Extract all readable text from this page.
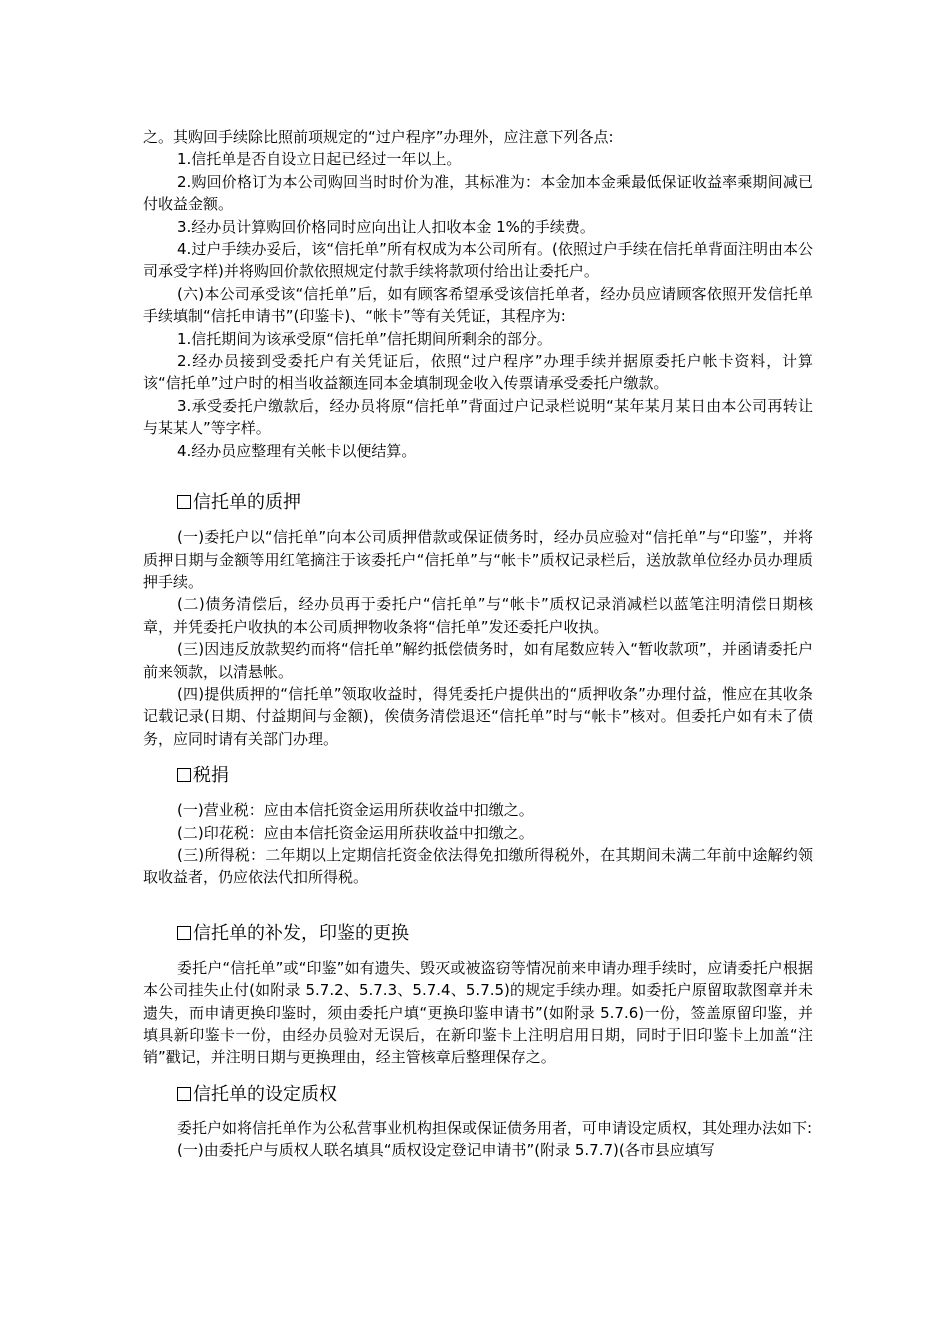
之。其购回手续除比照前项规定的“过户程序”办理外，应注意下列各点:

1.信托单是否自设立日起已经过一年以上。

2.购回价格订为本公司购回当时时价为准，其标准为：本金加本金乘最低保证收益率乘期间减已付收益金额。

3.经办员计算购回价格同时应向出让人扣收本金 1%的手续费。

4.过户手续办妥后，该“信托单”所有权成为本公司所有。(依照过户手续在信托单背面注明由本公司承受字样)并将购回价款依照规定付款手续将款项付给出让委托户。

(六)本公司承受该“信托单”后，如有顾客希望承受该信托单者，经办员应请顾客依照开发信托单手续填制“信托申请书”(印鉴卡)、“帐卡”等有关凭证，其程序为:

1.信托期间为该承受原“信托单”信托期间所剩余的部分。

2.经办员接到受委托户有关凭证后，依照“过户程序”办理手续并据原委托户帐卡资料，计算该“信托单”过户时的相当收益额连同本金填制现金收入传票请承受委托户缴款。

3.承受委托户缴款后，经办员将原“信托单”背面过户记录栏说明“某年某月某日由本公司再转让与某某人”等字样。

4.经办员应整理有关帐卡以便结算。

信托单的质押

(一)委托户以“信托单”向本公司质押借款或保证债务时，经办员应验对“信托单”与“印鉴”，并将质押日期与金额等用红笔摘注于该委托户“信托单”与“帐卡”质权记录栏后，送放款单位经办员办理质押手续。

(二)债务清偿后，经办员再于委托户“信托单”与“帐卡”质权记录消减栏以蓝笔注明清偿日期核章，并凭委托户收执的本公司质押物收条将“信托单”发还委托户收执。

(三)因违反放款契约而将“信托单”解约抵偿债务时，如有尾数应转入“暂收款项”，并函请委托户前来领款，以清悬帐。

(四)提供质押的“信托单”领取收益时，得凭委托户提供出的“质押收条”办理付益，惟应在其收条记载记录(日期、付益期间与金额)，俟债务清偿退还“信托单”时与“帐卡”核对。但委托户如有未了债务，应同时请有关部门办理。

税捐

(一)营业税：应由本信托资金运用所获收益中扣缴之。

(二)印花税：应由本信托资金运用所获收益中扣缴之。

(三)所得税：二年期以上定期信托资金依法得免扣缴所得税外，在其期间未满二年前中途解约领取收益者，仍应依法代扣所得税。

信托单的补发，印鉴的更换

委托户“信托单”或“印鉴”如有遗失、毁灭或被盗窃等情况前来申请办理手续时，应请委托户根据本公司挂失止付(如附录 5.7.2、5.7.3、5.7.4、5.7.5)的规定手续办理。如委托户原留取款图章并未遗失，而申请更换印鉴时，须由委托户填“更换印鉴申请书”(如附录 5.7.6)一份，签盖原留印鉴，并填具新印鉴卡一份，由经办员验对无误后，在新印鉴卡上注明启用日期，同时于旧印鉴卡上加盖“注销”戳记，并注明日期与更换理由，经主管核章后整理保存之。

信托单的设定质权

委托户如将信托单作为公私营事业机构担保或保证债务用者，可申请设定质权，其处理办法如下:

(一)由委托户与质权人联名填具“质权设定登记申请书”(附录 5.7.7)(各市县应填写
